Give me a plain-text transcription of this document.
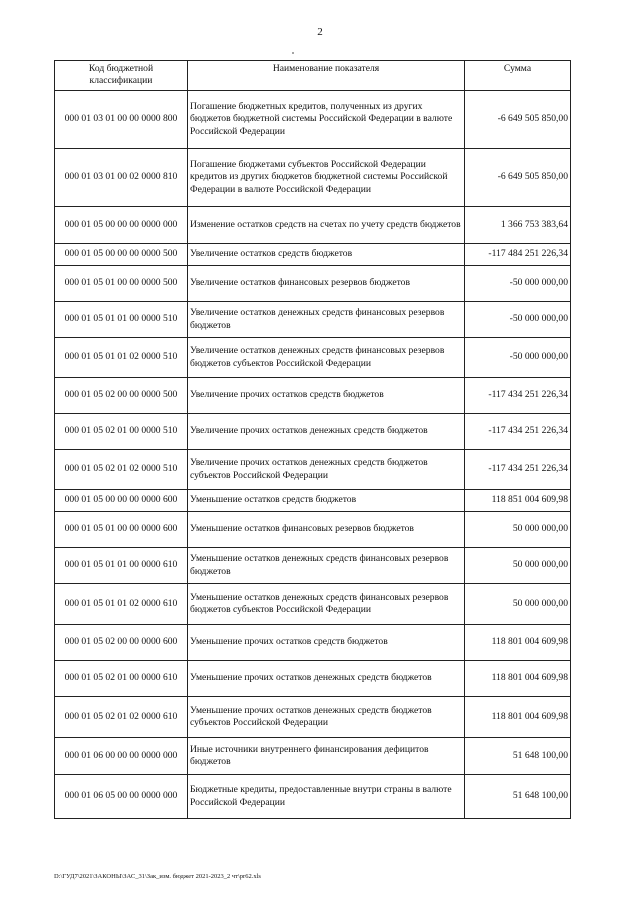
2
Код бюджетной классификации	Наименование показателя	Сумма
000 01 03 01 00 00 0000 800	Погашение бюджетных кредитов, полученных из других бюджетов бюджетной системы Российской Федерации в валюте Российской Федерации	-6 649 505 850,00
000 01 03 01 00 02 0000 810	Погашение бюджетами субъектов Российской Федерации кредитов из других бюджетов бюджетной системы Российской Федерации в валюте Российской Федерации	-6 649 505 850,00
000 01 05 00 00 00 0000 000	Изменение остатков средств на счетах по учету средств бюджетов	1 366 753 383,64
000 01 05 00 00 00 0000 500	Увеличение остатков средств бюджетов	-117 484 251 226,34
000 01 05 01 00 00 0000 500	Увеличение остатков финансовых резервов бюджетов	-50 000 000,00
000 01 05 01 01 00 0000 510	Увеличение остатков денежных средств финансовых резервов бюджетов	-50 000 000,00
000 01 05 01 01 02 0000 510	Увеличение остатков денежных средств финансовых резервов бюджетов субъектов Российской Федерации	-50 000 000,00
000 01 05 02 00 00 0000 500	Увеличение прочих остатков средств бюджетов	-117 434 251 226,34
000 01 05 02 01 00 0000 510	Увеличение прочих остатков денежных средств бюджетов	-117 434 251 226,34
000 01 05 02 01 02 0000 510	Увеличение прочих остатков денежных средств бюджетов субъектов Российской Федерации	-117 434 251 226,34
000 01 05 00 00 00 0000 600	Уменьшение остатков средств бюджетов	118 851 004 609,98
000 01 05 01 00 00 0000 600	Уменьшение остатков финансовых резервов бюджетов	50 000 000,00
000 01 05 01 01 00 0000 610	Уменьшение остатков денежных средств финансовых резервов бюджетов	50 000 000,00
000 01 05 01 01 02 0000 610	Уменьшение остатков денежных средств финансовых резервов бюджетов субъектов Российской Федерации	50 000 000,00
000 01 05 02 00 00 0000 600	Уменьшение прочих остатков средств бюджетов	118 801 004 609,98
000 01 05 02 01 00 0000 610	Уменьшение прочих остатков денежных средств бюджетов	118 801 004 609,98
000 01 05 02 01 02 0000 610	Уменьшение прочих остатков денежных средств бюджетов субъектов Российской Федерации	118 801 004 609,98
000 01 06 00 00 00 0000 000	Иные источники внутреннего финансирования дефицитов бюджетов	51 648 100,00
000 01 06 05 00 00 0000 000	Бюджетные кредиты, предоставленные внутри страны в валюте Российской Федерации	51 648 100,00
D:\ГУД7\2021\ЗАКОНЫ\ЗАС_31\Зак_изм. бюджет 2021-2023_2 чт\pr62.xls
